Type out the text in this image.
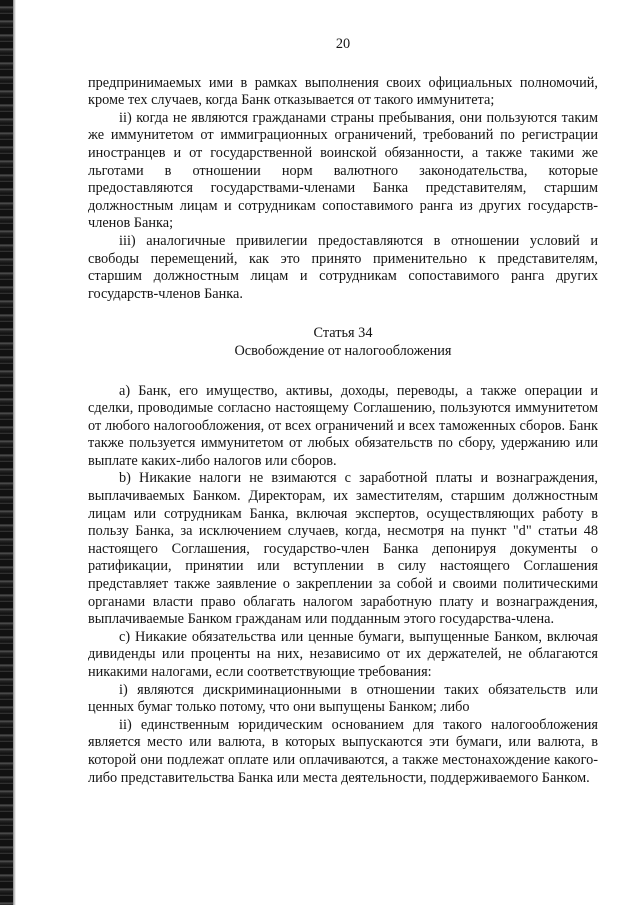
20

предпринимаемых ими в рамках выполнения своих официальных полномочий, кроме тех случаев, когда Банк отказывается от такого иммунитета;

ii) когда не являются гражданами страны пребывания, они пользуются таким же иммунитетом от иммиграционных ограничений, требований по регистрации иностранцев и от государственной воинской обязанности, а также такими же льготами в отношении норм валютного законодательства, которые предоставляются государствами-членами Банка представителям, старшим должностным лицам и сотрудникам сопоставимого ранга из других государств-членов Банка;

iii) аналогичные привилегии предоставляются в отношении условий и свободы перемещений, как это принято применительно к представителям, старшим должностным лицам и сотрудникам сопоставимого ранга других государств-членов Банка.

Статья 34

Освобождение от налогообложения

а) Банк, его имущество, активы, доходы, переводы, а также операции и сделки, проводимые согласно настоящему Соглашению, пользуются иммунитетом от любого налогообложения, от всех ограничений и всех таможенных сборов. Банк также пользуется иммунитетом от любых обязательств по сбору, удержанию или выплате каких-либо налогов или сборов.

b) Никакие налоги не взимаются с заработной платы и вознаграждения, выплачиваемых Банком. Директорам, их заместителям, старшим должностным лицам или сотрудникам Банка, включая экспертов, осуществляющих работу в пользу Банка, за исключением случаев, когда, несмотря на пункт "d" статьи 48 настоящего Соглашения, государство-член Банка депонируя документы о ратификации, принятии или вступлении в силу настоящего Соглашения представляет также заявление о закреплении за собой и своими политическими органами власти право облагать налогом заработную плату и вознаграждения, выплачиваемые Банком гражданам или подданным этого государства-члена.

c) Никакие обязательства или ценные бумаги, выпущенные Банком, включая дивиденды или проценты на них, независимо от их держателей, не облагаются никакими налогами, если соответствующие требования:

i) являются дискриминационными в отношении таких обязательств или ценных бумаг только потому, что они выпущены Банком; либо

ii) единственным юридическим основанием для такого налогообложения является место или валюта, в которых выпускаются эти бумаги, или валюта, в которой они подлежат оплате или оплачиваются, а также местонахождение какого-либо представительства Банка или места деятельности, поддерживаемого Банком.
